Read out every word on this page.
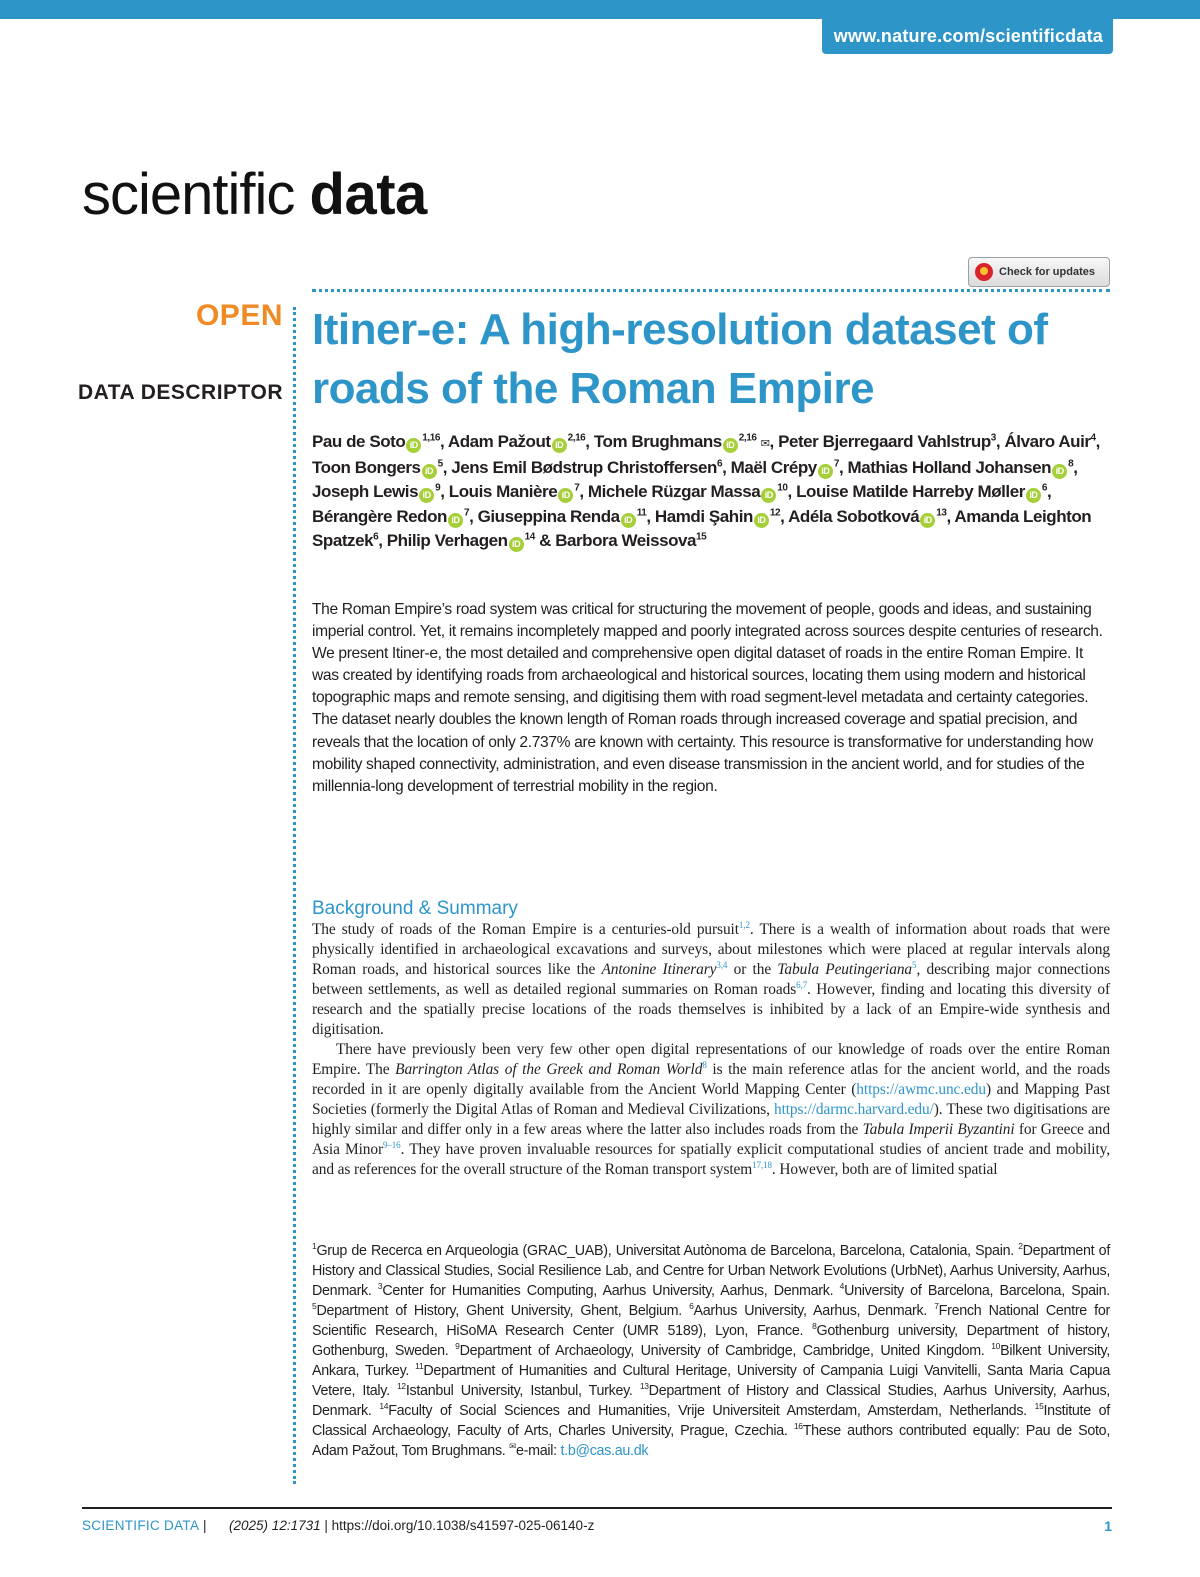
www.nature.com/scientificdata
scientific data
Check for updates
OPEN
DATA DESCRIPTOR
Itiner-e: A high-resolution dataset of roads of the Roman Empire

Pau de Soto iD$^{1,16}$, Adam Pažout iD$^{2,16}$, Tom Brughmans iD$^{2,16}$ ✉, Peter Bjerregaard Vahlstrup$^3$, Álvaro Auir$^4$, Toon Bongers $iD^5$, Jens Emil Bødstrup Christoffersen$^6$, Maël Crépy $iD^7$, Mathias Holland Johansen $iD^8$, Joseph Lewis $iD^9$, Louis Manière $iD^7$, Michele Rüzgar Massa $iD^{10}$, Louise Matilde Harreby Møller $iD^6$, Bérangère Redon $iD^7$, Giuseppina Renda $iD^{11}$, Hamdi Şahin $iD^{12}$, Adéla Sobotková $iD^{13}$, Amanda Leighton Spatzek$^6$, Philip Verhagen $iD^{14}$ & Barbora Weissova$^{15}$

The Roman Empire’s road system was critical for structuring the movement of people, goods and ideas, and sustaining imperial control. Yet, it remains incompletely mapped and poorly integrated across sources despite centuries of research. We present Itiner-e, the most detailed and comprehensive open digital dataset of roads in the entire Roman Empire. It was created by identifying roads from archaeological and historical sources, locating them using modern and historical topographic maps and remote sensing, and digitising them with road segment-level metadata and certainty categories. The dataset nearly doubles the known length of Roman roads through increased coverage and spatial precision, and reveals that the location of only 2.737% are known with certainty. This resource is transformative for understanding how mobility shaped connectivity, administration, and even disease transmission in the ancient world, and for studies of the millennia-long development of terrestrial mobility in the region.

Background & Summary

The study of roads of the Roman Empire is a centuries-old pursuit$^{1,2}$. There is a wealth of information about roads that were physically identified in archaeological excavations and surveys, about milestones which were placed at regular intervals along Roman roads, and historical sources like the Antonine Itinerary$^{3,4}$ or the Tabula Peutingeriana$^5$, describing major connections between settlements, as well as detailed regional summaries on Roman roads$^{6,7}$. However, finding and locating this diversity of research and the spatially precise locations of the roads themselves is inhibited by a lack of an Empire-wide synthesis and digitisation.

There have previously been very few other open digital representations of our knowledge of roads over the entire Roman Empire. The Barrington Atlas of the Greek and Roman World$^8$ is the main reference atlas for the ancient world, and the roads recorded in it are openly digitally available from the Ancient World Mapping Center (https://awmc.unc.edu) and Mapping Past Societies (formerly the Digital Atlas of Roman and Medieval Civilizations, https://darmc.harvard.edu/). These two digitisations are highly similar and differ only in a few areas where the latter also includes roads from the Tabula Imperii Byzantini for Greece and Asia Minor$^{9-16}$. They have proven invaluable resources for spatially explicit computational studies of ancient trade and mobility, and as references for the overall structure of the Roman transport system$^{17,18}$. However, both are of limited spatial

$^1$Grup de Recerca en Arqueologia (GRAC_UAB), Universitat Autònoma de Barcelona, Barcelona, Catalonia, Spain. $^2$Department of History and Classical Studies, Social Resilience Lab, and Centre for Urban Network Evolutions (UrbNet), Aarhus University, Aarhus, Denmark. $^3$Center for Humanities Computing, Aarhus University, Aarhus, Denmark. $^4$University of Barcelona, Barcelona, Spain. $^5$Department of History, Ghent University, Ghent, Belgium. $^6$Aarhus University, Aarhus, Denmark. $^7$French National Centre for Scientific Research, HiSoMA Research Center (UMR 5189), Lyon, France. $^8$Gothenburg university, Department of history, Gothenburg, Sweden. $^9$Department of Archaeology, University of Cambridge, Cambridge, United Kingdom. $^{10}$Bilkent University, Ankara, Turkey. $^{11}$Department of Humanities and Cultural Heritage, University of Campania Luigi Vanvitelli, Santa Maria Capua Vetere, Italy. $^{12}$Istanbul University, Istanbul, Turkey. $^{13}$Department of History and Classical Studies, Aarhus University, Aarhus, Denmark. $^{14}$Faculty of Social Sciences and Humanities, Vrije Universiteit Amsterdam, Amsterdam, Netherlands. $^{15}$Institute of Classical Archaeology, Faculty of Arts, Charles University, Prague, Czechia. $^{16}$These authors contributed equally: Pau de Soto, Adam Pažout, Tom Brughmans. ✉e-mail: t.b@cas.au.dk

SCIENTIFIC DATA |      (2025) 12:1731 | https://doi.org/10.1038/s41597-025-06140-z	1
